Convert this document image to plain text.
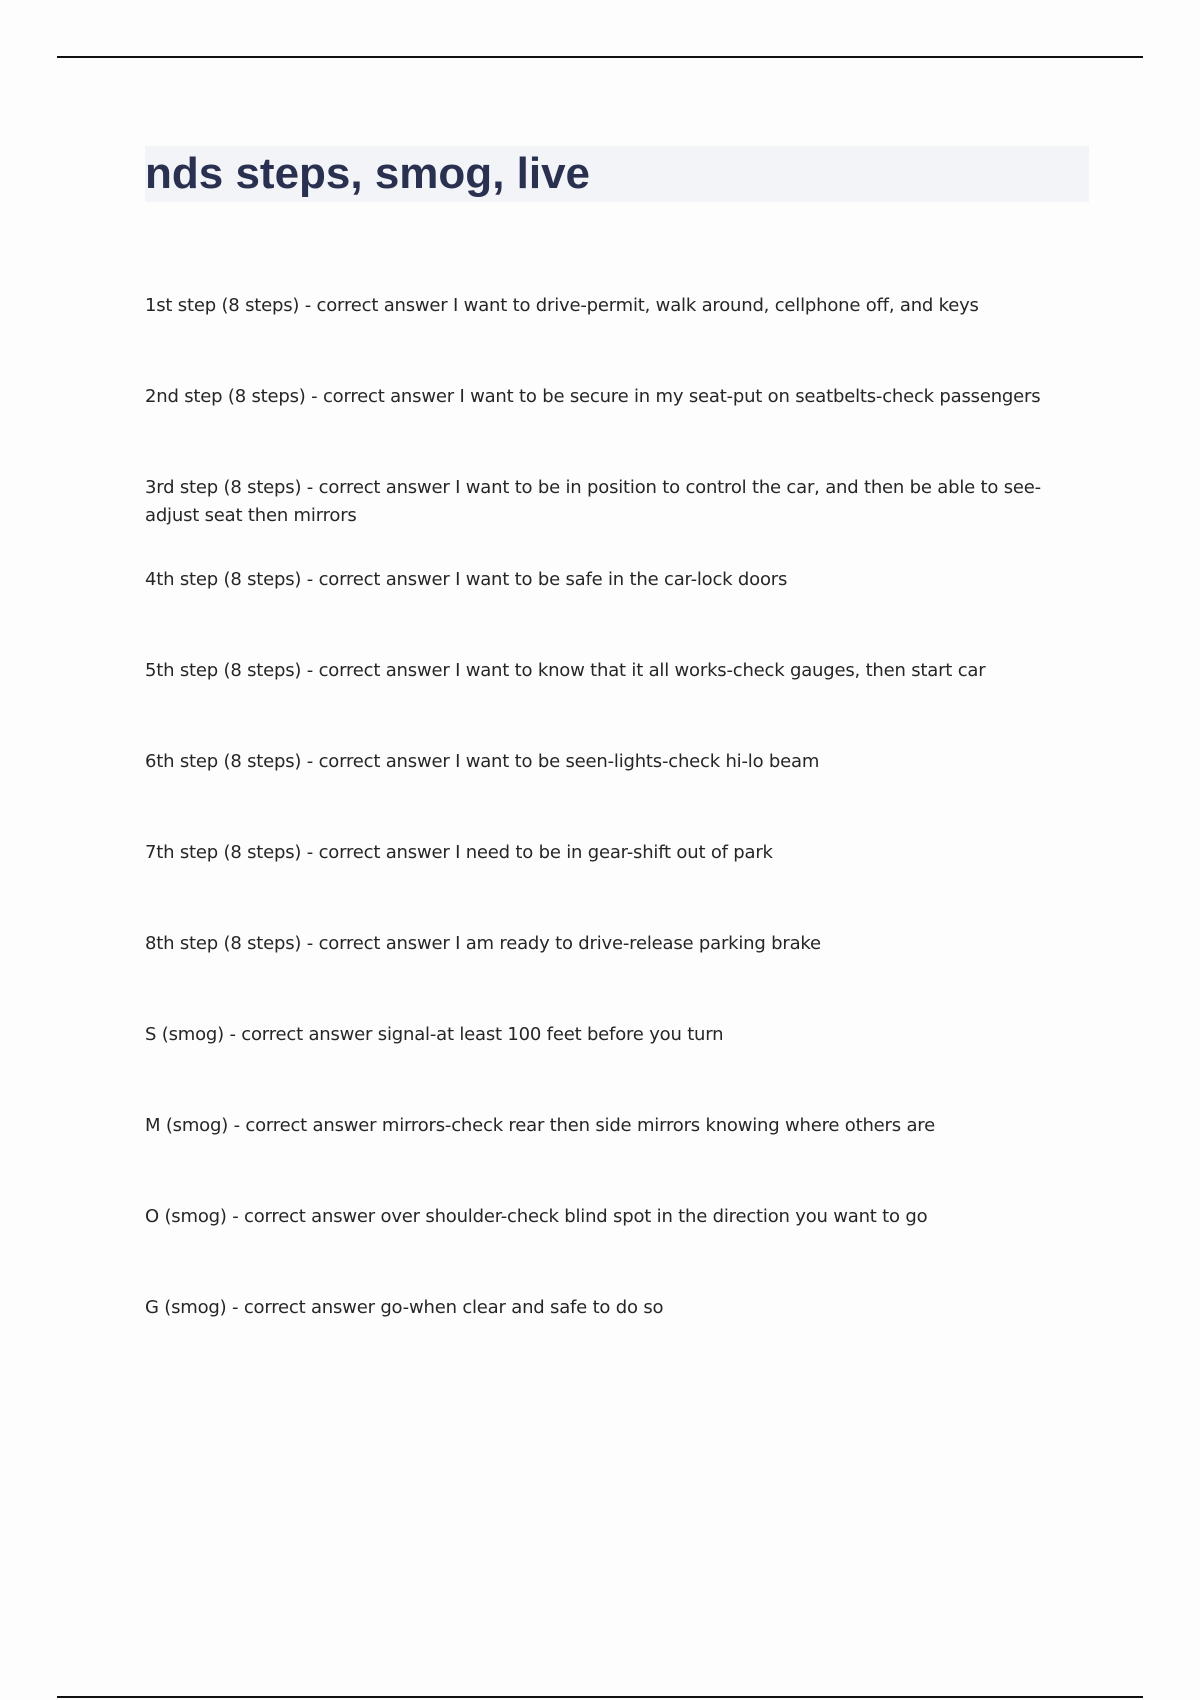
nds steps, smog, live
1st step (8 steps) - correct answer I want to drive-permit, walk around, cellphone off, and keys
2nd step (8 steps) - correct answer I want to be secure in my seat-put on seatbelts-check passengers
3rd step (8 steps) - correct answer I want to be in position to control the car, and then be able to see-adjust seat then mirrors
4th step (8 steps) - correct answer I want to be safe in the car-lock doors
5th step (8 steps) - correct answer I want to know that it all works-check gauges, then start car
6th step (8 steps) - correct answer I want to be seen-lights-check hi-lo beam
7th step (8 steps) - correct answer I need to be in gear-shift out of park
8th step (8 steps) - correct answer I am ready to drive-release parking brake
S (smog) - correct answer signal-at least 100 feet before you turn
M (smog) - correct answer mirrors-check rear then side mirrors knowing where others are
O (smog) - correct answer over shoulder-check blind spot in the direction you want to go
G (smog) - correct answer go-when clear and safe to do so
